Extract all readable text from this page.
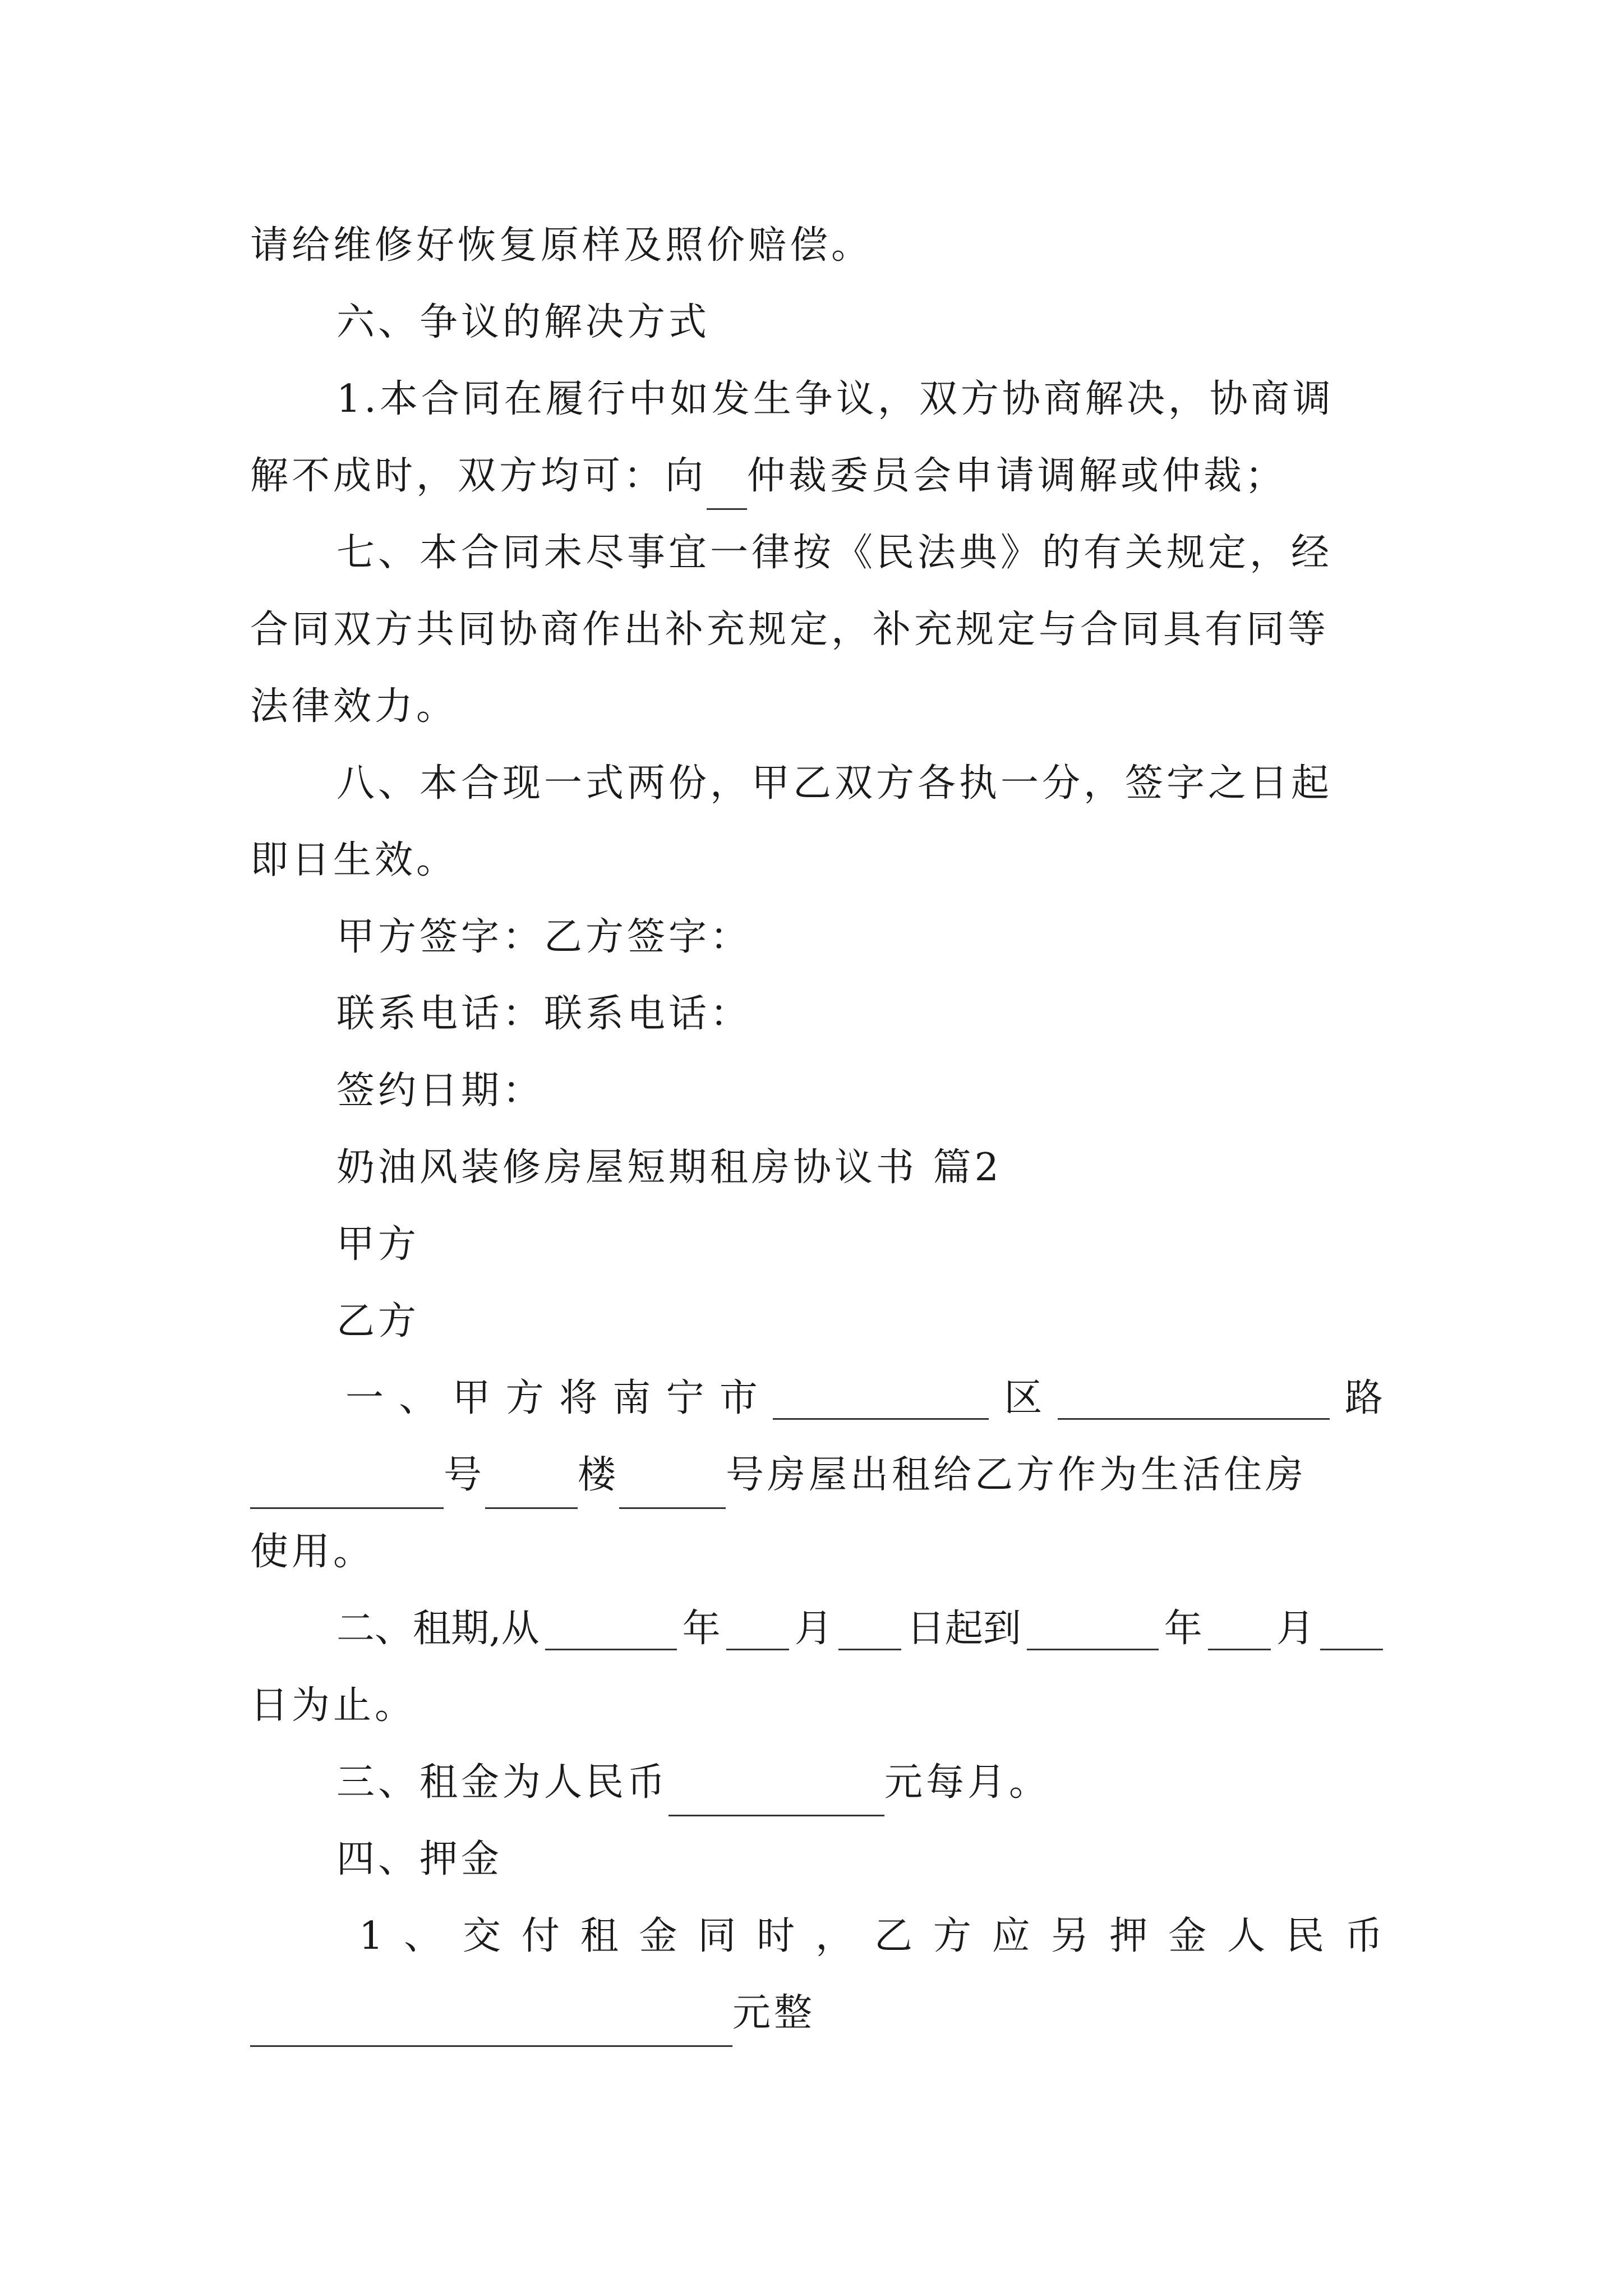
请给维修好恢复原样及照价赔偿。
六、争议的解决方式
1.本合同在履行中如发生争议，双方协商解决，协商调
解不成时，双方均可：向 仲裁委员会申请调解或仲裁；
七、本合同未尽事宜一律按《民法典》的有关规定，经
合同双方共同协商作出补充规定，补充规定与合同具有同等
法律效力。
八、本合现一式两份，甲乙双方各执一分，签字之日起
即日生效。
甲方签字：乙方签字：
联系电话：联系电话：
签约日期：
奶油风装修房屋短期租房协议书 篇2
甲方
乙方
一 、 甲 方 将 南 宁 市	区	路
号 楼	号房屋出租给乙方作为生活住房
使用。
二、租期,从	年 月 日起到	年 月
日为止。
三、租金为人民币	元每月。
四、押金
1 、 交 付 租 金 同 时 ， 乙 方 应 另 押 金 人 民 币
元整
